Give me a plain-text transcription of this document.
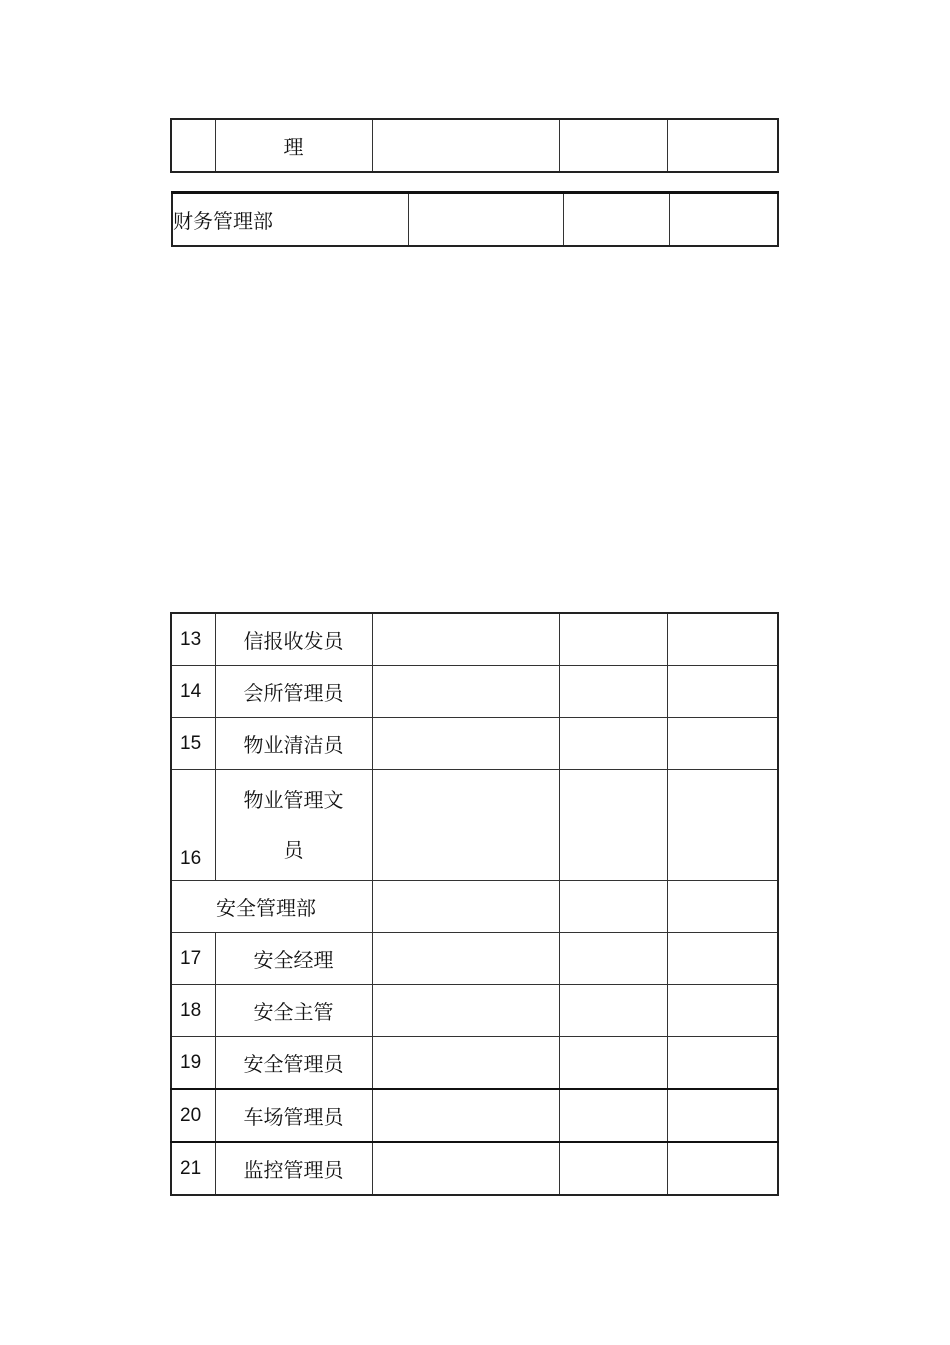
	理			
财务管理部			
13	信报收发员			
14	会所管理员			
15	物业清洁员			
16	物业管理文
员			

安全管理部				
17	安全经理			
18	安全主管			
19	安全管理员			
20	车场管理员			
21	监控管理员			
